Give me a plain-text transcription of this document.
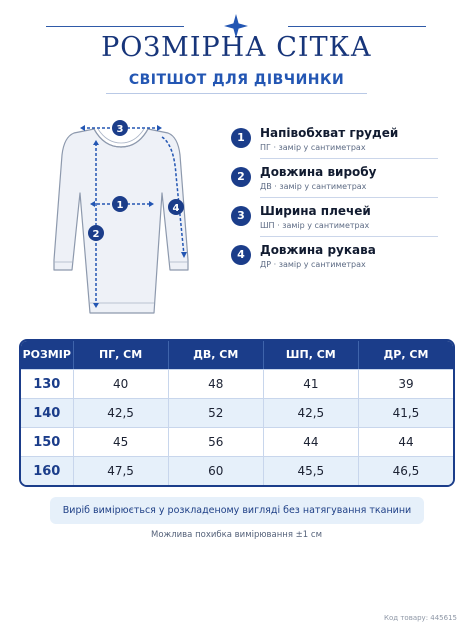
РОЗМІРНА СІТКА
СВІТШОТ ДЛЯ ДІВЧИНКИ
1
2
3
4
1	Напівобхват грудей
ПГ · замір у сантиметрах
2	Довжина виробу
ДВ · замір у сантиметрах
3	Ширина плечей
ШП · замір у сантиметрах
4	Довжина рукава
ДР · замір у сантиметрах
РОЗМІР	ПГ, СМ	ДВ, СМ	ШП, СМ	ДР, СМ
130	40	48	41	39
140	42,5	52	42,5	41,5
150	45	56	44	44
160	47,5	60	45,5	46,5
Виріб вимірюється у розкладеному вигляді без натягування тканини
Можлива похибка вимірювання ±1 см
Код товару: 445615
